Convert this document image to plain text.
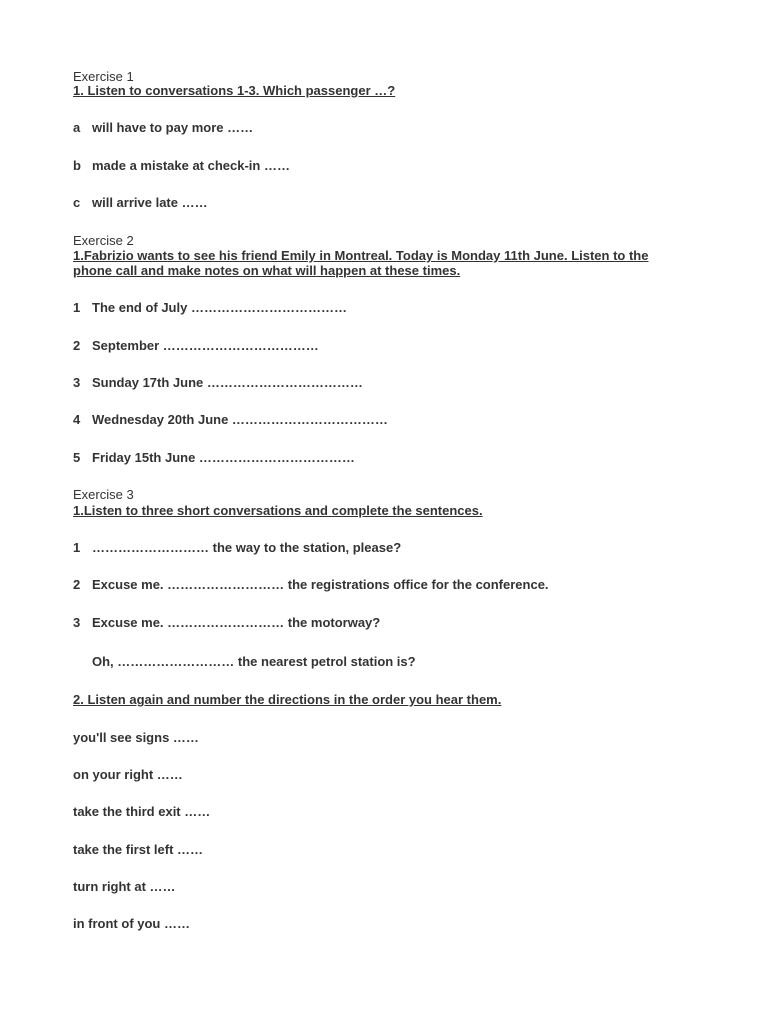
Exercise 1
1. Listen to conversations 1-3. Which passenger …?
a will have to pay more ……
b made a mistake at check-in ……
c will arrive late ……
Exercise 2
1.Fabrizio wants to see his friend Emily in Montreal. Today is Monday 11th June. Listen to the phone call and make notes on what will happen at these times.
1 The end of July ………………………………
2 September ………………………………
3 Sunday 17th June ………………………………
4 Wednesday 20th June ………………………………
5 Friday 15th June ………………………………
Exercise 3
1.Listen to three short conversations and complete the sentences.
1 ……………………… the way to the station, please?
2 Excuse me. ……………………… the registrations office for the conference.
3 Excuse me. ……………………… the motorway?
Oh, ……………………… the nearest petrol station is?
2. Listen again and number the directions in the order you hear them.
you'll see signs ……
on your right ……
take the third exit ……
take the first left ……
turn right at ……
in front of you ……
